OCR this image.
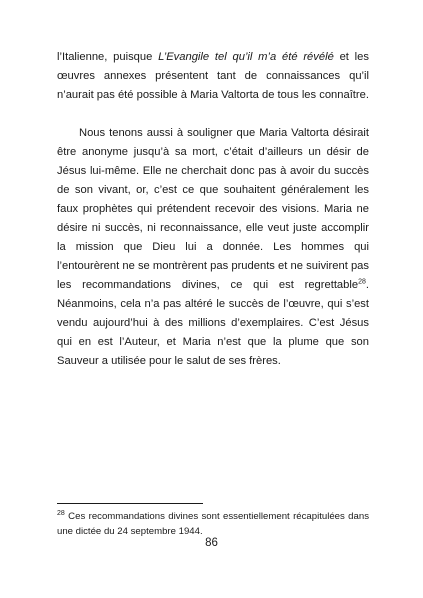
l’Italienne, puisque L’Evangile tel qu’il m’a été révélé et les œuvres annexes présentent tant de connaissances qu’il n’aurait pas été possible à Maria Valtorta de tous les connaître.

Nous tenons aussi à souligner que Maria Valtorta désirait être anonyme jusqu’à sa mort, c’était d’ailleurs un désir de Jésus lui-même. Elle ne cherchait donc pas à avoir du succès de son vivant, or, c’est ce que souhaitent généralement les faux prophètes qui prétendent recevoir des visions. Maria ne désire ni succès, ni reconnaissance, elle veut juste accomplir la mission que Dieu lui a donnée. Les hommes qui l’entourèrent ne se montrèrent pas prudents et ne suivirent pas les recommandations divines, ce qui est regrettable$^{28}$. Néanmoins, cela n’a pas altéré le succès de l’œuvre, qui s’est vendu aujourd’hui à des millions d’exemplaires. C’est Jésus qui en est l’Auteur, et Maria n’est que la plume que son Sauveur a utilisée pour le salut de ses frères.

$^{28}$ Ces recommandations divines sont essentiellement récapitulées dans une dictée du 24 septembre 1944.

86
